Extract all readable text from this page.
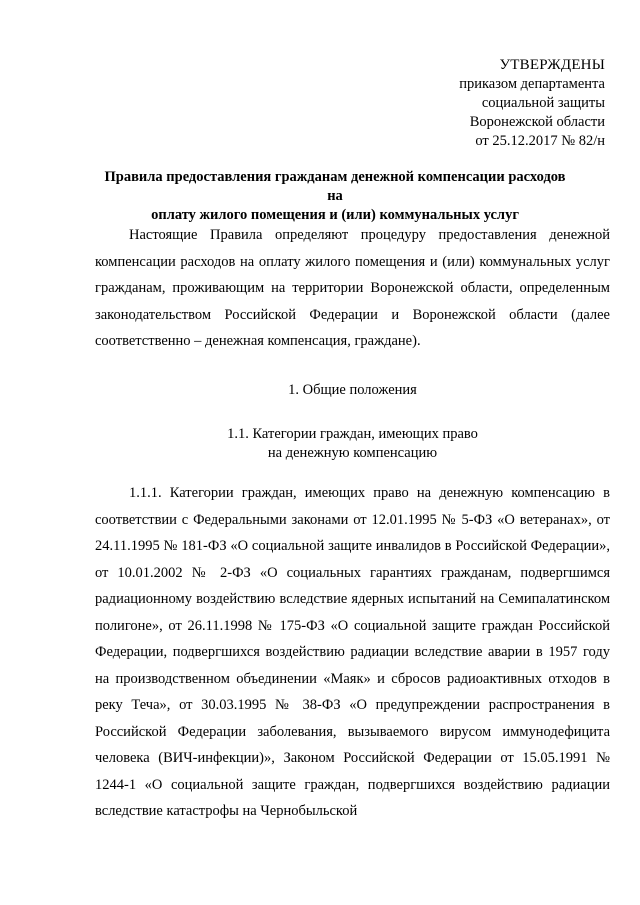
УТВЕРЖДЕНЫ
приказом департамента
социальной защиты
Воронежской области
от 25.12.2017 № 82/н
Правила предоставления гражданам денежной компенсации расходов на
оплату жилого помещения и (или) коммунальных услуг

Настоящие Правила определяют процедуру предоставления денежной компенсации расходов на оплату жилого помещения и (или) коммунальных услуг гражданам, проживающим на территории Воронежской области, определенным законодательством Российской Федерации и Воронежской области (далее соответственно – денежная компенсация, граждане).

1. Общие положения
1.1. Категории граждан, имеющих право
на денежную компенсацию

1.1.1. Категории граждан, имеющих право на денежную компенсацию в соответствии с Федеральными законами от 12.01.1995 № 5-ФЗ «О ветеранах», от 24.11.1995 № 181-ФЗ «О социальной защите инвалидов в Российской Федерации», от 10.01.2002 № 2-ФЗ «О социальных гарантиях гражданам, подвергшимся радиационному воздействию вследствие ядерных испытаний на Семипалатинском полигоне», от 26.11.1998 № 175-ФЗ «О социальной защите граждан Российской Федерации, подвергшихся воздействию радиации вследствие аварии в 1957 году на производственном объединении «Маяк» и сбросов радиоактивных отходов в реку Теча», от 30.03.1995 № 38-ФЗ «О предупреждении распространения в Российской Федерации заболевания, вызываемого вирусом иммунодефицита человека (ВИЧ-инфекции)», Законом Российской Федерации от 15.05.1991 № 1244-1 «О социальной защите граждан, подвергшихся воздействию радиации вследствие катастрофы на Чернобыльской
